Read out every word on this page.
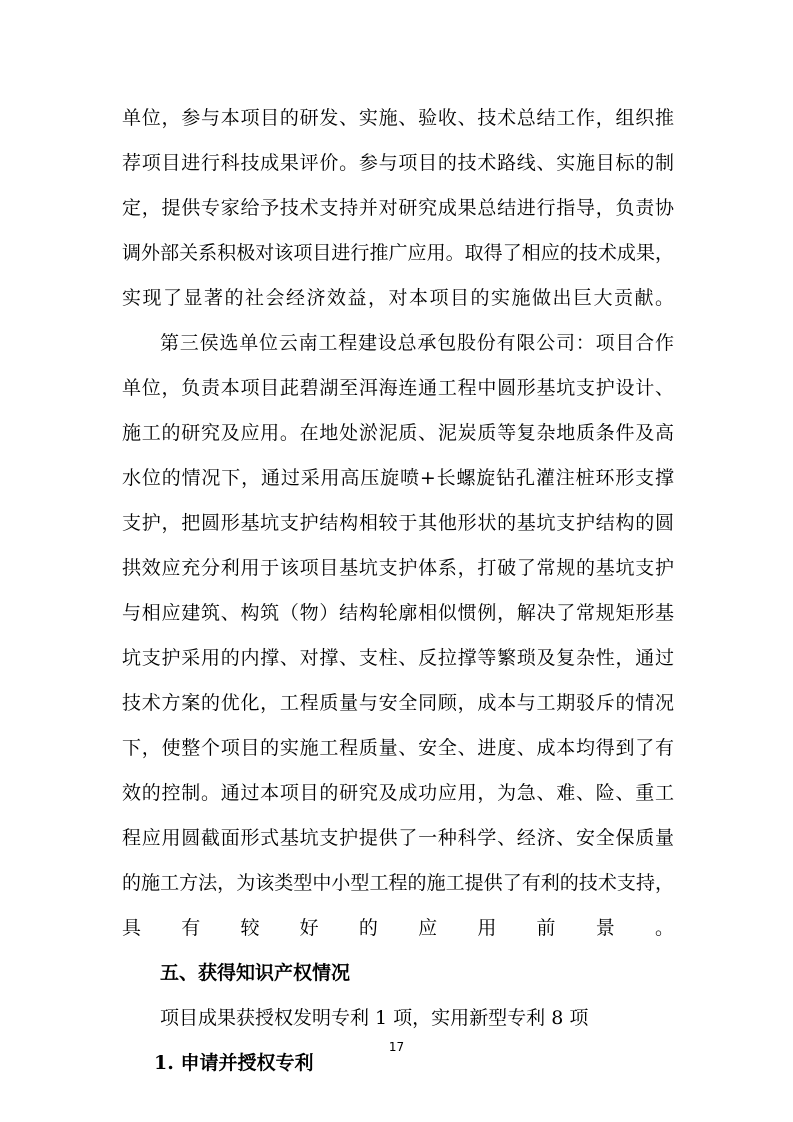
单位，参与本项目的研发、实施、验收、技术总结工作，组织推
荐项目进行科技成果评价。参与项目的技术路线、实施目标的制
定，提供专家给予技术支持并对研究成果总结进行指导，负责协
调外部关系积极对该项目进行推广应用。取得了相应的技术成果，
实现了显著的社会经济效益，对本项目的实施做出巨大贡献。
第三侯选单位云南工程建设总承包股份有限公司：项目合作
单位，负责本项目茈碧湖至洱海连通工程中圆形基坑支护设计、
施工的研究及应用。在地处淤泥质、泥炭质等复杂地质条件及高
水位的情况下，通过采用高压旋喷+长螺旋钻孔灌注桩环形支撑
支护，把圆形基坑支护结构相较于其他形状的基坑支护结构的圆
拱效应充分利用于该项目基坑支护体系，打破了常规的基坑支护
与相应建筑、构筑（物）结构轮廓相似惯例，解决了常规矩形基
坑支护采用的内撑、对撑、支柱、反拉撑等繁琐及复杂性，通过
技术方案的优化，工程质量与安全同顾，成本与工期驳斥的情况
下，使整个项目的实施工程质量、安全、进度、成本均得到了有
效的控制。通过本项目的研究及成功应用，为急、难、险、重工
程应用圆截面形式基坑支护提供了一种科学、经济、安全保质量
的施工方法，为该类型中小型工程的施工提供了有利的技术支持，
具有较好的应用前景。
五、获得知识产权情况
项目成果获授权发明专利 1 项，实用新型专利 8 项
1. 申请并授权专利
17
